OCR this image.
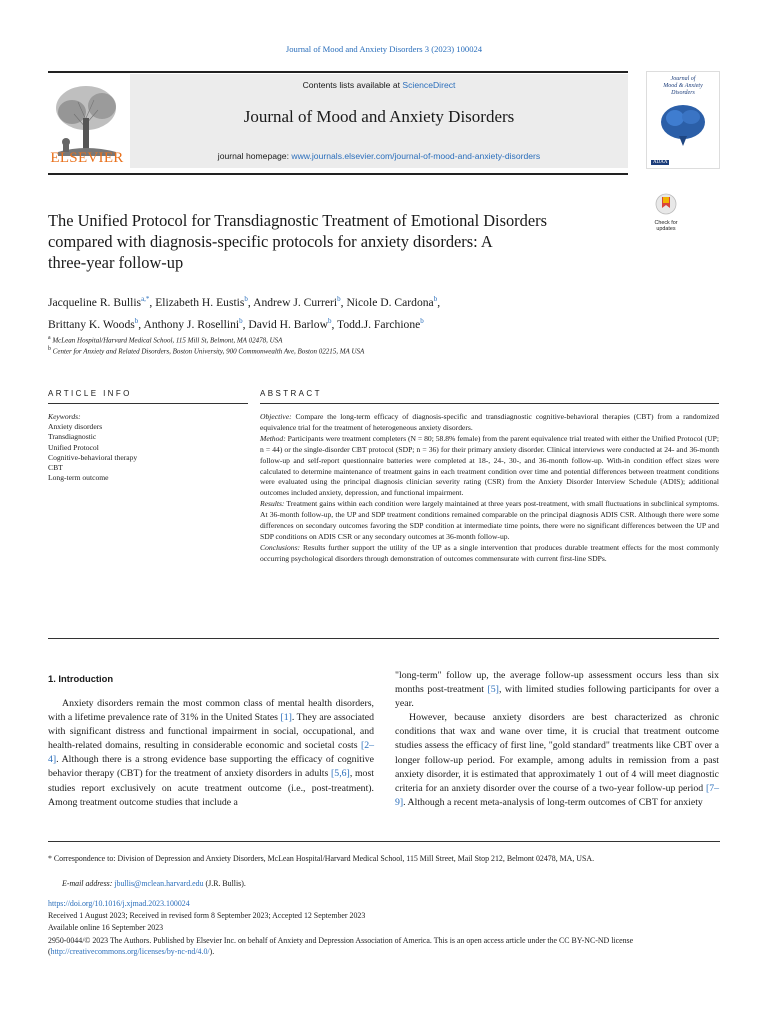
Journal of Mood and Anxiety Disorders 3 (2023) 100024
ELSEVIER
Contents lists available at ScienceDirect
Journal of Mood and Anxiety Disorders
journal homepage: www.journals.elsevier.com/journal-of-mood-and-anxiety-disorders
Journal of
Mood & Anxiety
Disorders
ADAA
Check for
updates
The Unified Protocol for Transdiagnostic Treatment of Emotional Disorders
compared with diagnosis-specific protocols for anxiety disorders: A
three-year follow-up
Jacqueline R. Bullis$^{a,*}$, Elizabeth H. Eustis$^b$, Andrew J. Curreri$^b$, Nicole D. Cardona$^b$,
Brittany K. Woods$^b$, Anthony J. Rosellini$^b$, David H. Barlow$^b$, Todd.J. Farchione$^b$
$^a$ McLean Hospital/Harvard Medical School, 115 Mill St, Belmont, MA 02478, USA
$^b$ Center for Anxiety and Related Disorders, Boston University, 900 Commonwealth Ave, Boston 02215, MA USA
ARTICLE INFO	ABSTRACT
Keywords:
Anxiety disorders
Transdiagnostic
Unified Protocol
Cognitive-behavioral therapy
CBT
Long-term outcome

Objective: Compare the long-term efficacy of diagnosis-specific and transdiagnostic cognitive-behavioral therapies (CBT) from a randomized equivalence trial for the treatment of heterogeneous anxiety disorders.

Method: Participants were treatment completers (N = 80; 58.8% female) from the parent equivalence trial treated with either the Unified Protocol (UP; n = 44) or the single-disorder CBT protocol (SDP; n = 36) for their primary anxiety disorder. Clinical interviews were conducted at 24- and 36-month follow-up and self-report questionnaire batteries were completed at 18-, 24-, 30-, and 36-month follow-up. With-in condition effect sizes were calculated to determine maintenance of treatment gains in each treatment condition over time and potential differences between treatment conditions were evaluated using the principal diagnosis clinician severity rating (CSR) from the Anxiety Disorder Interview Schedule (ADIS); additional outcomes included anxiety, depression, and functional impairment.

Results: Treatment gains within each condition were largely maintained at three years post-treatment, with small fluctuations in subclinical symptoms. At 36-month follow-up, the UP and SDP treatment conditions remained comparable on the principal diagnosis ADIS CSR. Although there were some differences on secondary outcomes favoring the SDP condition at intermediate time points, there were no significant differences between the UP and SDP conditions on ADIS CSR or any secondary outcomes at 36-month follow-up.

Conclusions: Results further support the utility of the UP as a single intervention that produces durable treatment effects for the most commonly occurring psychological disorders through demonstration of outcomes commensurate with current first-line SDPs.

1. Introduction

Anxiety disorders remain the most common class of mental health disorders, with a lifetime prevalence rate of 31% in the United States [1]. They are associated with significant distress and functional impairment in social, occupational, and health-related domains, resulting in considerable economic and societal costs [2–4]. Although there is a strong evidence base supporting the efficacy of cognitive behavior therapy (CBT) for the treatment of anxiety disorders in adults [5,6], most studies report exclusively on acute treatment outcome (i.e., post-treatment). Among treatment outcome studies that include a

"long-term" follow up, the average follow-up assessment occurs less than six months post-treatment [5], with limited studies following participants for over a year.

However, because anxiety disorders are best characterized as chronic conditions that wax and wane over time, it is crucial that treatment outcome studies assess the efficacy of first line, "gold standard" treatments like CBT over a longer follow-up period. For example, among adults in remission from a past anxiety disorder, it is estimated that approximately 1 out of 4 will meet diagnostic criteria for an anxiety disorder over the course of a two-year follow-up period [7–9]. Although a recent meta-analysis of long-term outcomes of CBT for anxiety

* Correspondence to: Division of Depression and Anxiety Disorders, McLean Hospital/Harvard Medical School, 115 Mill Street, Mail Stop 212, Belmont 02478, MA, USA.
E-mail address: jbullis@mclean.harvard.edu (J.R. Bullis).
https://doi.org/10.1016/j.xjmad.2023.100024
Received 1 August 2023; Received in revised form 8 September 2023; Accepted 12 September 2023
Available online 16 September 2023
2950-0044/© 2023 The Authors. Published by Elsevier Inc. on behalf of Anxiety and Depression Association of America. This is an open access article under the CC BY-NC-ND license (http://creativecommons.org/licenses/by-nc-nd/4.0/).
